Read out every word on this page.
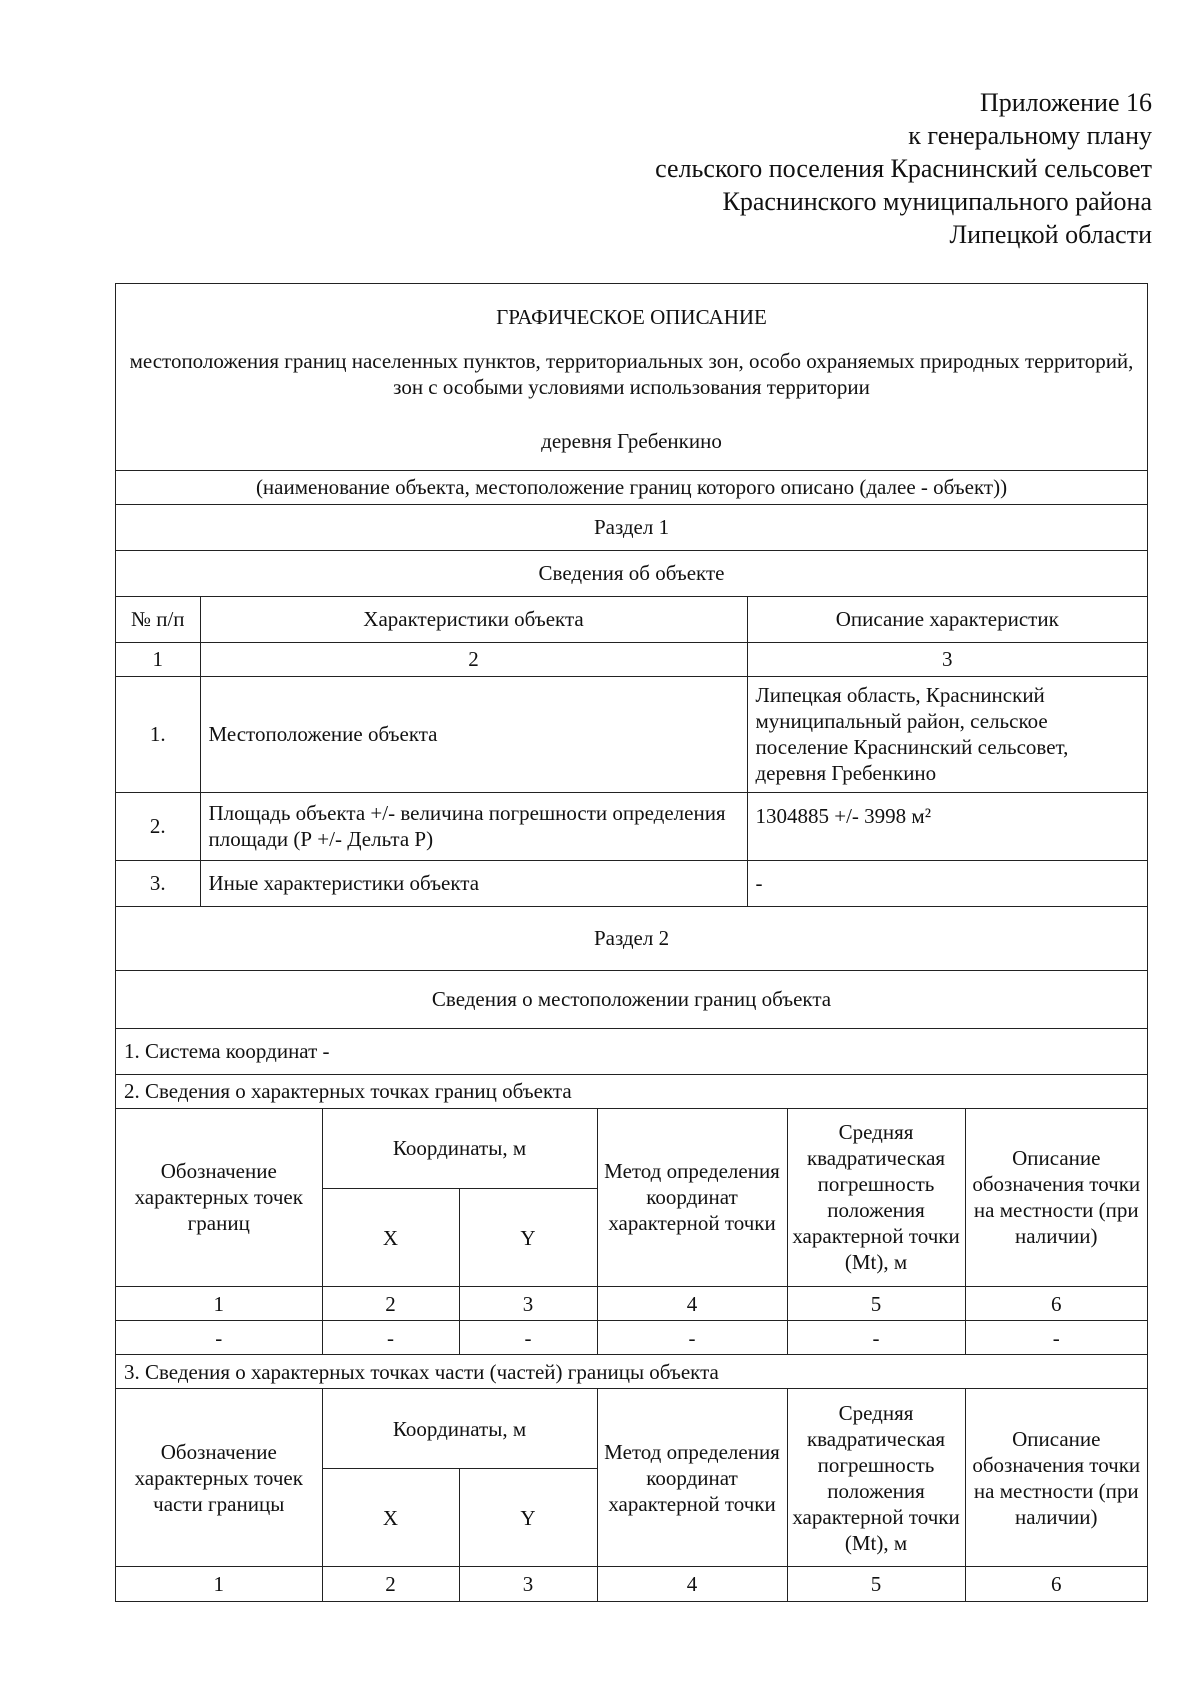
Приложение 16
к генеральному плану
сельского поселения Краснинский сельсовет
Краснинского муниципального района
Липецкой области
ГРАФИЧЕСКОЕ ОПИСАНИЕ
местоположения границ населенных пунктов, территориальных зон, особо охраняемых природных территорий, зон с особыми условиями использования территории
деревня Гребенкино		

(наименование объекта, местоположение границ которого описано (далее - объект))		
Раздел 1		
Сведения об объекте		
№ п/п	Характеристики объекта	Описание характеристик
1	2	3
1.	Местоположение объекта	Липецкая область, Краснинский муниципальный район, сельское поселение Краснинский сельсовет, деревня Гребенкино
2.	Площадь объекта +/- величина погрешности определения площади (Р +/- Дельта Р)	1304885 +/- 3998 м²
3.	Иные характеристики объекта	-
Раздел 2		
Сведения о местоположении границ объекта		
1. Система координат -		
2. Сведения о характерных точках границ объекта		
Обозначение характерных точек границ	Координаты, м		Метод определения координат характерной точки	Средняя квадратическая погрешность положения характерной точки (Mt), м	Описание обозначения точки на местности (при наличии)
	X	Y			
1	2	3	4	5	6
-	-	-	-	-	-
3. Сведения о характерных точках части (частей) границы объекта					
Обозначение характерных точек части границы	Координаты, м		Метод определения координат характерной точки	Средняя квадратическая погрешность положения характерной точки (Mt), м	Описание обозначения точки на местности (при наличии)
	X	Y			
1	2	3	4	5	6
